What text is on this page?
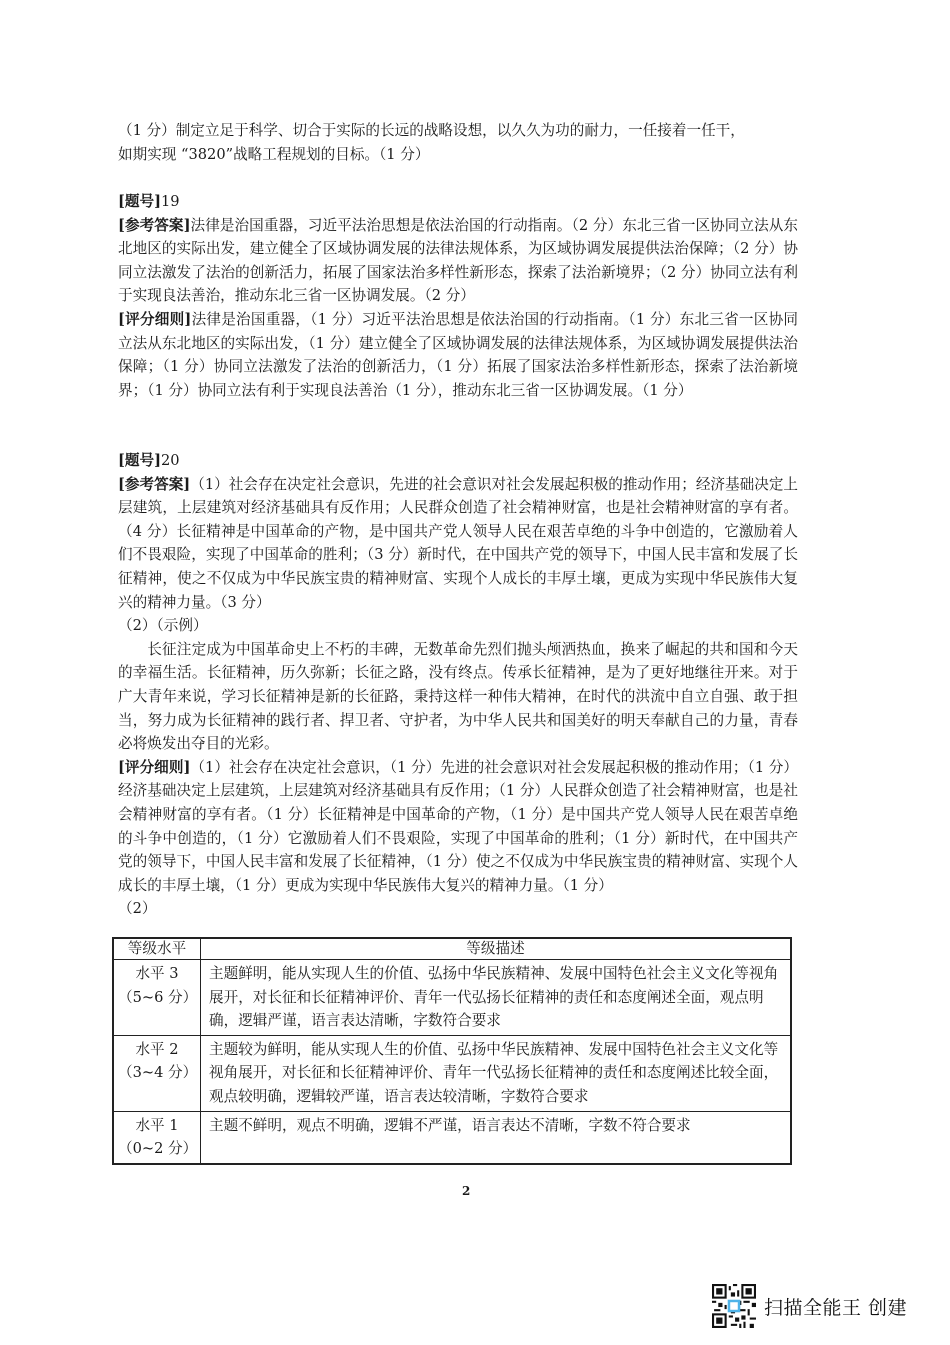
（1 分）制定立足于科学、切合于实际的长远的战略设想，以久久为功的耐力，一任接着一任干，

如期实现 “3820”战略工程规划的目标。（1 分）

[题号]19

[参考答案]法律是治国重器，习近平法治思想是依法治国的行动指南。（2 分）东北三省一区协同立法从东北地区的实际出发，建立健全了区域协调发展的法律法规体系，为区域协调发展提供法治保障；（2 分）协同立法激发了法治的创新活力，拓展了国家法治多样性新形态，探索了法治新境界；（2 分）协同立法有利于实现良法善治，推动东北三省一区协调发展。（2 分）

[评分细则]法律是治国重器，（1 分）习近平法治思想是依法治国的行动指南。（1 分）东北三省一区协同立法从东北地区的实际出发，（1 分）建立健全了区域协调发展的法律法规体系，为区域协调发展提供法治保障；（1 分）协同立法激发了法治的创新活力，（1 分）拓展了国家法治多样性新形态，探索了法治新境界；（1 分）协同立法有利于实现良法善治（1 分），推动东北三省一区协调发展。（1 分）

[题号]20

[参考答案]（1）社会存在决定社会意识，先进的社会意识对社会发展起积极的推动作用；经济基础决定上层建筑，上层建筑对经济基础具有反作用；人民群众创造了社会精神财富，也是社会精神财富的享有者。（4 分）长征精神是中国革命的产物，是中国共产党人领导人民在艰苦卓绝的斗争中创造的，它激励着人们不畏艰险，实现了中国革命的胜利；（3 分）新时代，在中国共产党的领导下，中国人民丰富和发展了长征精神，使之不仅成为中华民族宝贵的精神财富、实现个人成长的丰厚土壤，更成为实现中华民族伟大复兴的精神力量。（3 分）

（2）（示例）

长征注定成为中国革命史上不朽的丰碑，无数革命先烈们抛头颅洒热血，换来了崛起的共和国和今天的幸福生活。长征精神，历久弥新；长征之路，没有终点。传承长征精神，是为了更好地继往开来。对于广大青年来说，学习长征精神是新的长征路，秉持这样一种伟大精神，在时代的洪流中自立自强、敢于担当，努力成为长征精神的践行者、捍卫者、守护者，为中华人民共和国美好的明天奉献自己的力量，青春必将焕发出夺目的光彩。

[评分细则]（1）社会存在决定社会意识，（1 分）先进的社会意识对社会发展起积极的推动作用；（1 分）经济基础决定上层建筑，上层建筑对经济基础具有反作用；（1 分）人民群众创造了社会精神财富，也是社会精神财富的享有者。（1 分）长征精神是中国革命的产物，（1 分）是中国共产党人领导人民在艰苦卓绝的斗争中创造的，（1 分）它激励着人们不畏艰险，实现了中国革命的胜利；（1 分）新时代，在中国共产党的领导下，中国人民丰富和发展了长征精神，（1 分）使之不仅成为中华民族宝贵的精神财富、实现个人成长的丰厚土壤，（1 分）更成为实现中华民族伟大复兴的精神力量。（1 分）

（2）

等级水平	等级描述

水平 3
（5~6 分）	主题鲜明，能从实现人生的价值、弘扬中华民族精神、发展中国特色社会主义文化等视角展开，对长征和长征精神评价、青年一代弘扬长征精神的责任和态度阐述全面，观点明确，逻辑严谨，语言表达清晰，字数符合要求

水平 2
（3~4 分）	主题较为鲜明，能从实现人生的价值、弘扬中华民族精神、发展中国特色社会主义文化等视角展开，对长征和长征精神评价、青年一代弘扬长征精神的责任和态度阐述比较全面，观点较明确，逻辑较严谨，语言表达较清晰，字数符合要求

水平 1
（0~2 分）	主题不鲜明，观点不明确，逻辑不严谨，语言表达不清晰，字数不符合要求
2
扫描全能王 创建
